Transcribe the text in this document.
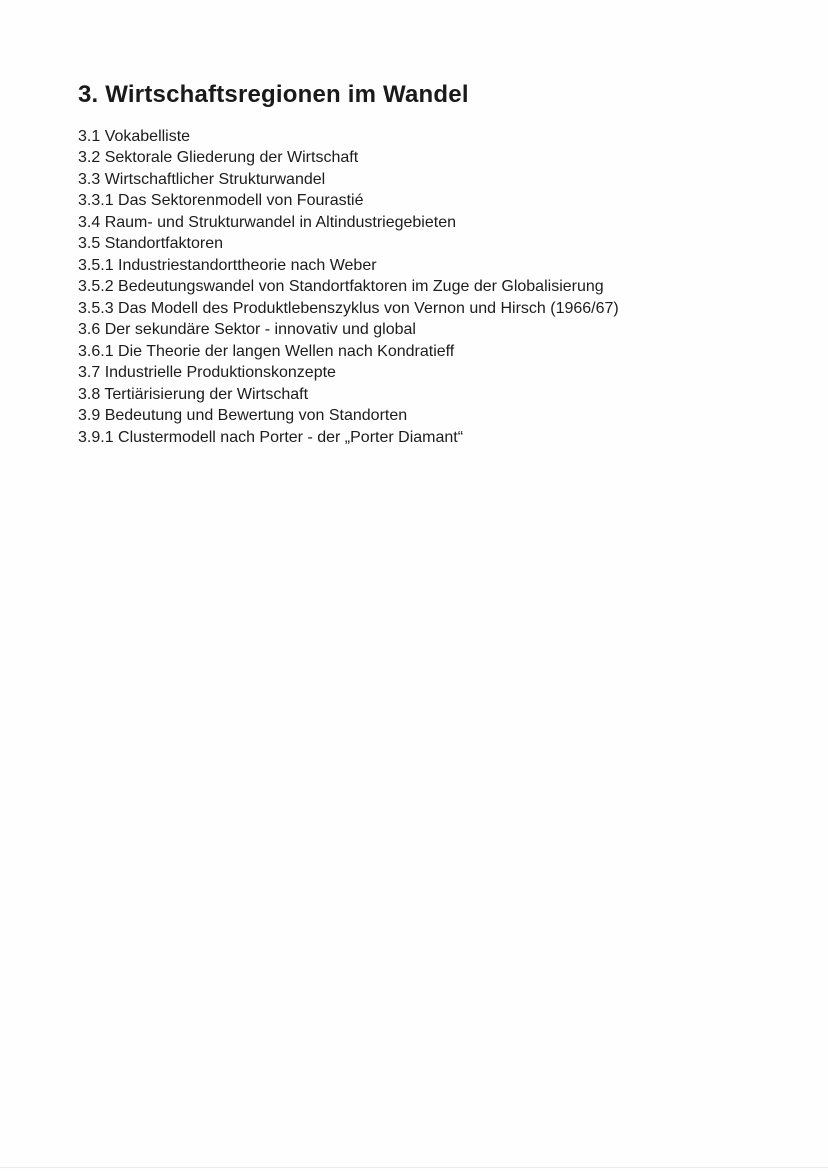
3. Wirtschaftsregionen im Wandel
3.1 Vokabelliste
3.2 Sektorale Gliederung der Wirtschaft
3.3 Wirtschaftlicher Strukturwandel
3.3.1 Das Sektorenmodell von Fourastié
3.4 Raum- und Strukturwandel in Altindustriegebieten
3.5 Standortfaktoren
3.5.1 Industriestandorttheorie nach Weber
3.5.2 Bedeutungswandel von Standortfaktoren im Zuge der Globalisierung
3.5.3 Das Modell des Produktlebenszyklus von Vernon und Hirsch (1966/67)
3.6 Der sekundäre Sektor - innovativ und global
3.6.1 Die Theorie der langen Wellen nach Kondratieff
3.7 Industrielle Produktionskonzepte
3.8 Tertiärisierung der Wirtschaft
3.9 Bedeutung und Bewertung von Standorten
3.9.1 Clustermodell nach Porter - der „Porter Diamant“
